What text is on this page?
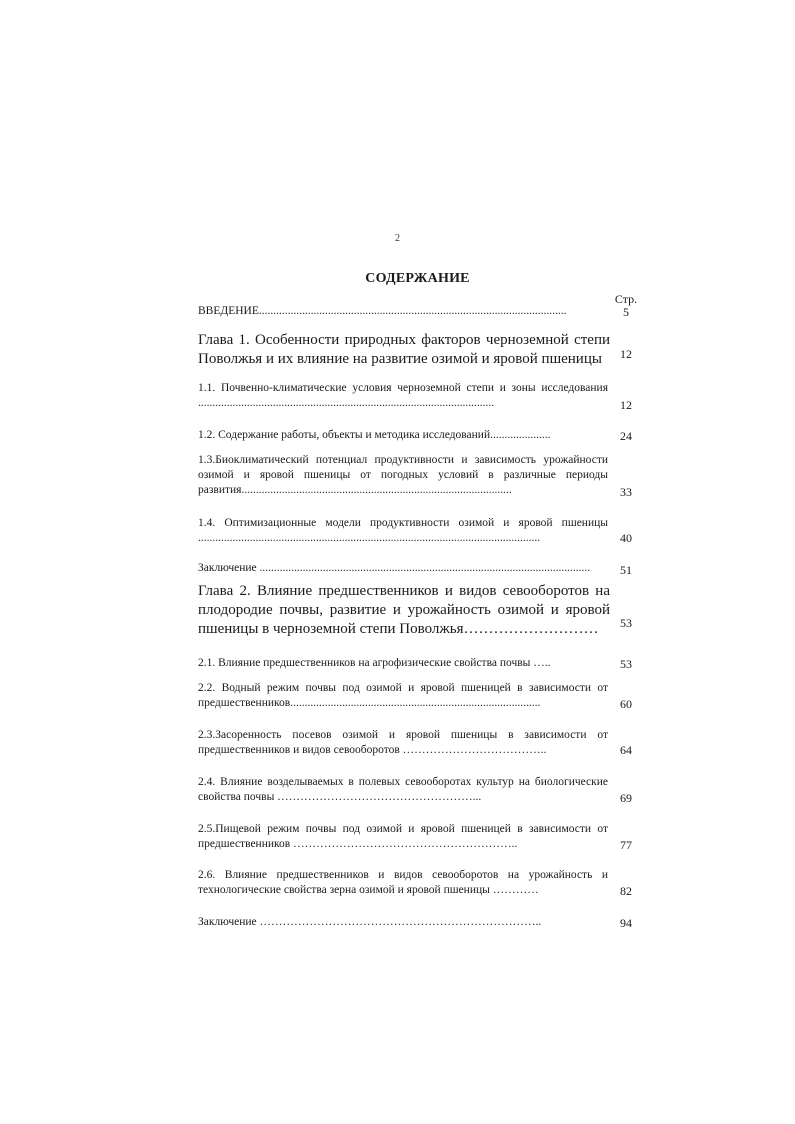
2
СОДЕРЖАНИЕ
Стр.
ВВЕДЕНИЕ...........................................................................................................	5
Глава 1. Особенности природных факторов черноземной степи Поволжья и их влияние на развитие озимой и яровой пшеницы	12
1.1. Почвенно-климатические условия черноземной степи и зоны исследования .......................................................................................................	12
1.2. Содержание работы, объекты и методика исследований.....................	24
1.3.Биоклиматический потенциал продуктивности и зависимость урожайности озимой и яровой пшеницы от погодных условий в различные периоды развития..............................................................................................	33
1.4. Оптимизационные модели продуктивности озимой и яровой пшеницы .......................................................................................................................	40
Заключение ...................................................................................................................	51
Глава 2. Влияние предшественников и видов севооборотов на плодородие почвы, развитие и урожайность озимой и яровой пшеницы в черноземной степи Поволжья………………………	53
2.1. Влияние предшественников на агрофизические свойства почвы …..	53
2.2. Водный режим почвы под озимой и яровой пшеницей в зависимости от предшественников.......................................................................................	60
2.3.Засоренность посевов озимой и яровой пшеницы в зависимости от предшественников и видов севооборотов ………………………………..	64
2.4. Влияние возделываемых в полевых севооборотах культур на биологические свойства почвы ……………………………………………...	69
2.5.Пищевой режим почвы под озимой и яровой пшеницей в зависимости от предшественников …………………………………………………..	77
2.6. Влияние предшественников и видов севооборотов на урожайность и технологические свойства зерна озимой и яровой пшеницы …………	82
Заключение ………………………………………………………………..	94
